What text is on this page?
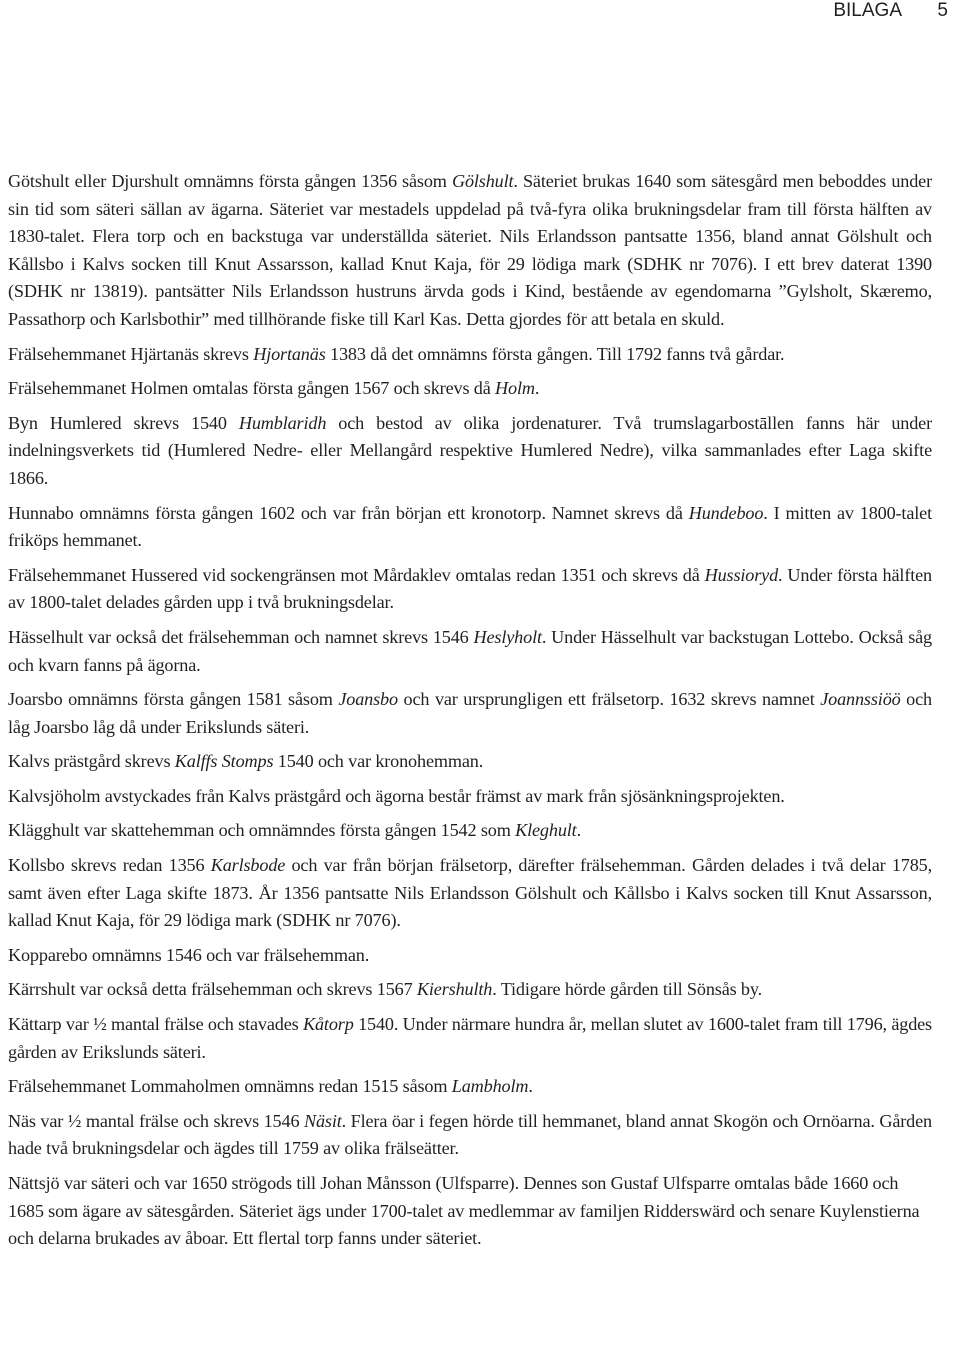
BILAGA 5

Götshult eller Djurshult omnämns första gången 1356 såsom Gölshult. Säteriet brukas 1640 som sätesgård men beboddes under sin tid som säteri sällan av ägarna. Säteriet var mestadels uppdelad på två-fyra olika brukningsdelar fram till första hälften av 1830-talet. Flera torp och en backstuga var underställda säteriet. Nils Erlandsson pantsatte 1356, bland annat Gölshult och Kållsbo i Kalvs socken till Knut Assarsson, kallad Knut Kaja, för 29 lödiga mark (SDHK nr 7076). I ett brev daterat 1390 (SDHK nr 13819). pantsätter Nils Erlandsson hustruns ärvda gods i Kind, bestående av egendomarna ”Gylsholt, Skæremo, Passathorp och Karlsbothir” med tillhörande fiske till Karl Kas. Detta gjordes för att betala en skuld.

Frälsehemmanet Hjärtanäs skrevs Hjortanäs 1383 då det omnämns första gången. Till 1792 fanns två gårdar.

Frälsehemmanet Holmen omtalas första gången 1567 och skrevs då Holm.

Byn Humlered skrevs 1540 Humblaridh och bestod av olika jordenaturer. Två trumslagarbostāllen fanns här under indelningsverkets tid (Humlered Nedre- eller Mellangård respektive Humlered Nedre), vilka sammanlades efter Laga skifte 1866.

Hunnabo omnämns första gången 1602 och var från början ett kronotorp. Namnet skrevs då Hundeboo. I mitten av 1800-talet friköps hemmanet.

Frälsehemmanet Hussered vid sockengränsen mot Mårdaklev omtalas redan 1351 och skrevs då Hussioryd. Under första hälften av 1800-talet delades gården upp i två brukningsdelar.

Hässelhult var också det frälsehemman och namnet skrevs 1546 Heslyholt. Under Hässelhult var backstugan Lottebo. Också såg och kvarn fanns på ägorna.

Joarsbo omnämns första gången 1581 såsom Joansbo och var ursprungligen ett frälsetorp. 1632 skrevs namnet Joannssiöö och låg Joarsbo låg då under Erikslunds säteri.

Kalvs prästgård skrevs Kalffs Stomps 1540 och var kronohemman.

Kalvsjöholm avstyckades från Kalvs prästgård och ägorna består främst av mark från sjösänkningsprojekten.

Klägghult var skattehemman och omnämndes första gången 1542 som Kleghult.

Kollsbo skrevs redan 1356 Karlsbode och var från början frälsetorp, därefter frälsehemman. Gården delades i två delar 1785, samt även efter Laga skifte 1873. År 1356 pantsatte Nils Erlandsson Gölshult och Kållsbo i Kalvs socken till Knut Assarsson, kallad Knut Kaja, för 29 lödiga mark (SDHK nr 7076).

Kopparebo omnämns 1546 och var frälsehemman.

Kärrshult var också detta frälsehemman och skrevs 1567 Kiershulth. Tidigare hörde gården till Sönsås by.

Kättarp var ½ mantal frälse och stavades Kåtorp 1540. Under närmare hundra år, mellan slutet av 1600-talet fram till 1796, ägdes gården av Erikslunds säteri.

Frälsehemmanet Lommaholmen omnämns redan 1515 såsom Lambholm.

Näs var ½ mantal frälse och skrevs 1546 Näsit. Flera öar i fegen hörde till hemmanet, bland annat Skogön och Ornöarna. Gården hade två brukningsdelar och ägdes till 1759 av olika frälseätter.

Nättsjö var säteri och var 1650 strögods till Johan Månsson (Ulfsparre). Dennes son Gustaf Ulfsparre omtalas både 1660 och 1685 som ägare av sätesgården. Säteriet ägs under 1700-talet av medlemmar av familjen Ridderswärd och senare Kuylenstierna och delarna brukades av åboar. Ett flertal torp fanns under säteriet.
